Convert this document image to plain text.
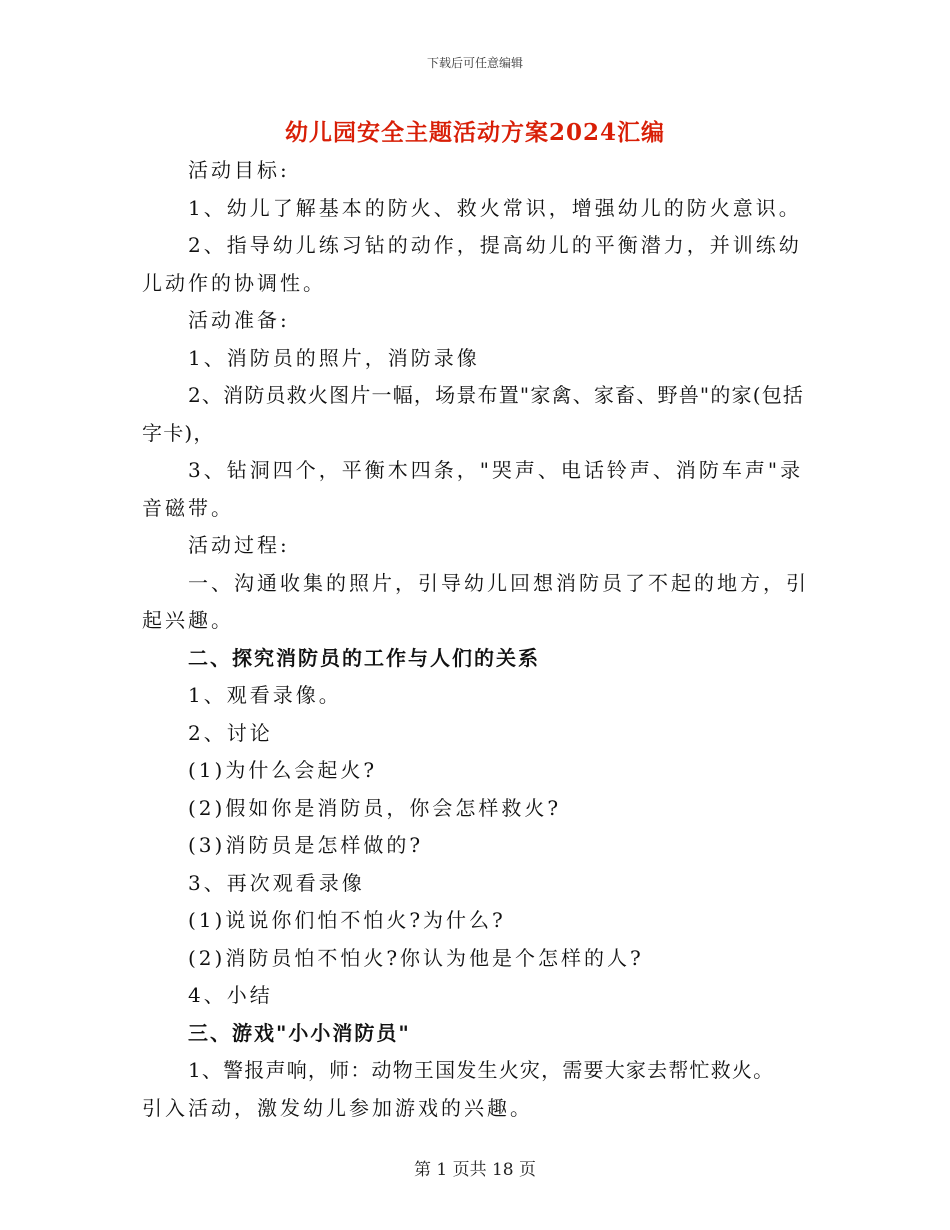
下载后可任意编辑
幼儿园安全主题活动方案2024汇编

活动目标:

1、幼儿了解基本的防火、救火常识，增强幼儿的防火意识。

2、指导幼儿练习钻的动作，提高幼儿的平衡潜力，并训练幼儿动作的协调性。

活动准备:

1、消防员的照片，消防录像

2、消防员救火图片一幅，场景布置"家禽、家畜、野兽"的家(包括字卡)，

3、钻洞四个，平衡木四条，"哭声、电话铃声、消防车声"录音磁带。

活动过程:

一、沟通收集的照片，引导幼儿回想消防员了不起的地方，引起兴趣。

二、探究消防员的工作与人们的关系

1、观看录像。

2、讨论

(1)为什么会起火?

(2)假如你是消防员，你会怎样救火?

(3)消防员是怎样做的?

3、再次观看录像

(1)说说你们怕不怕火?为什么?

(2)消防员怕不怕火?你认为他是个怎样的人?

4、小结

三、游戏"小小消防员"

1、警报声响，师：动物王国发生火灾，需要大家去帮忙救火。

引入活动，激发幼儿参加游戏的兴趣。

第 1 页共 18 页
